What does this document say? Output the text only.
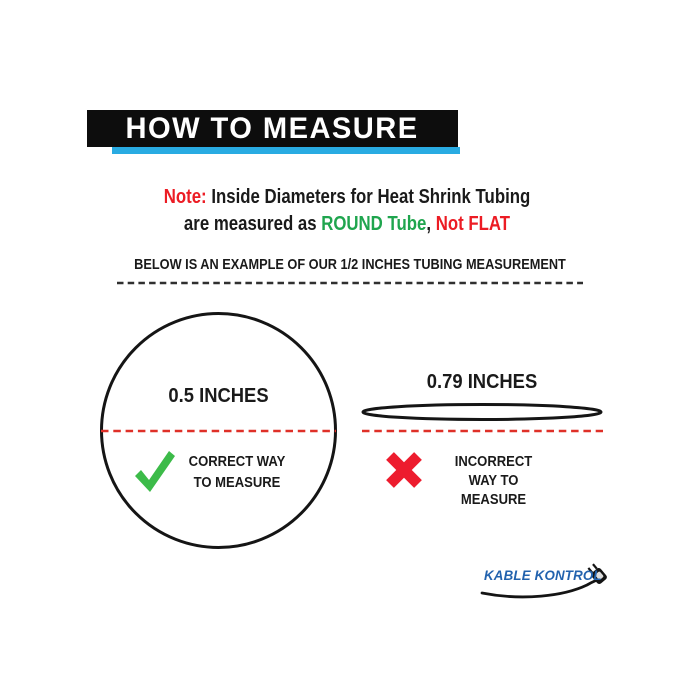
HOW TO MEASURE
Note: Inside Diameters for Heat Shrink Tubing
are measured as ROUND Tube, Not FLAT
BELOW IS AN EXAMPLE OF OUR 1/2 INCHES TUBING MEASUREMENT
0.5 INCHES
CORRECT WAY
TO MEASURE
0.79 INCHES
INCORRECT
WAY TO
MEASURE
KABLE KONTROL
